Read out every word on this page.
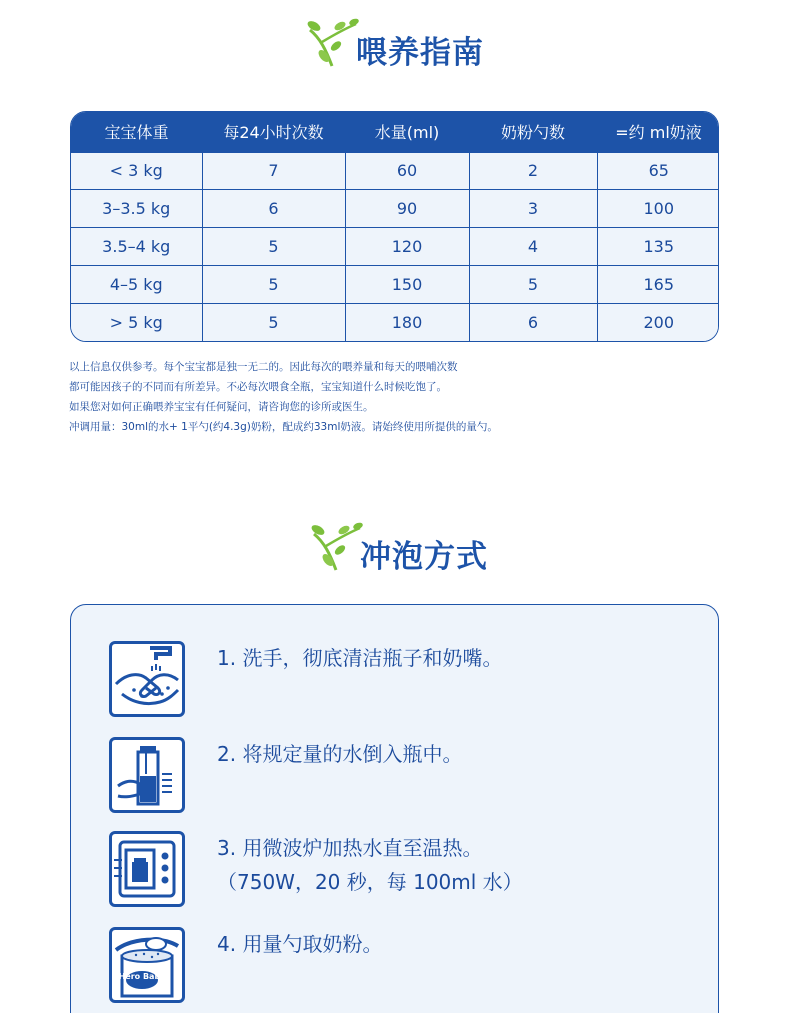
喂养指南
宝宝体重	每24小时次数	水量(ml)	奶粉勺数	=约 ml奶液
< 3 kg	7	60	2	65
3–3.5 kg	6	90	3	100
3.5–4 kg	5	120	4	135
4–5 kg	5	150	5	165
> 5 kg	5	180	6	200

以上信息仅供参考。每个宝宝都是独一无二的。因此每次的喂养量和每天的喂哺次数

都可能因孩子的不同而有所差异。不必每次喂食全瓶，宝宝知道什么时候吃饱了。

如果您对如何正确喂养宝宝有任何疑问，请咨询您的诊所或医生。

冲调用量：30ml的水+ 1平勺(约4.3g)奶粉，配成约33ml奶液。请始终使用所提供的量勺。

冲泡方式
1. 洗手，彻底清洁瓶子和奶嘴。
2. 将规定量的水倒入瓶中。
3. 用微波炉加热水直至温热。
（750W，20 秒，每 100ml 水）
Hero Baby
4. 用量勺取奶粉。
